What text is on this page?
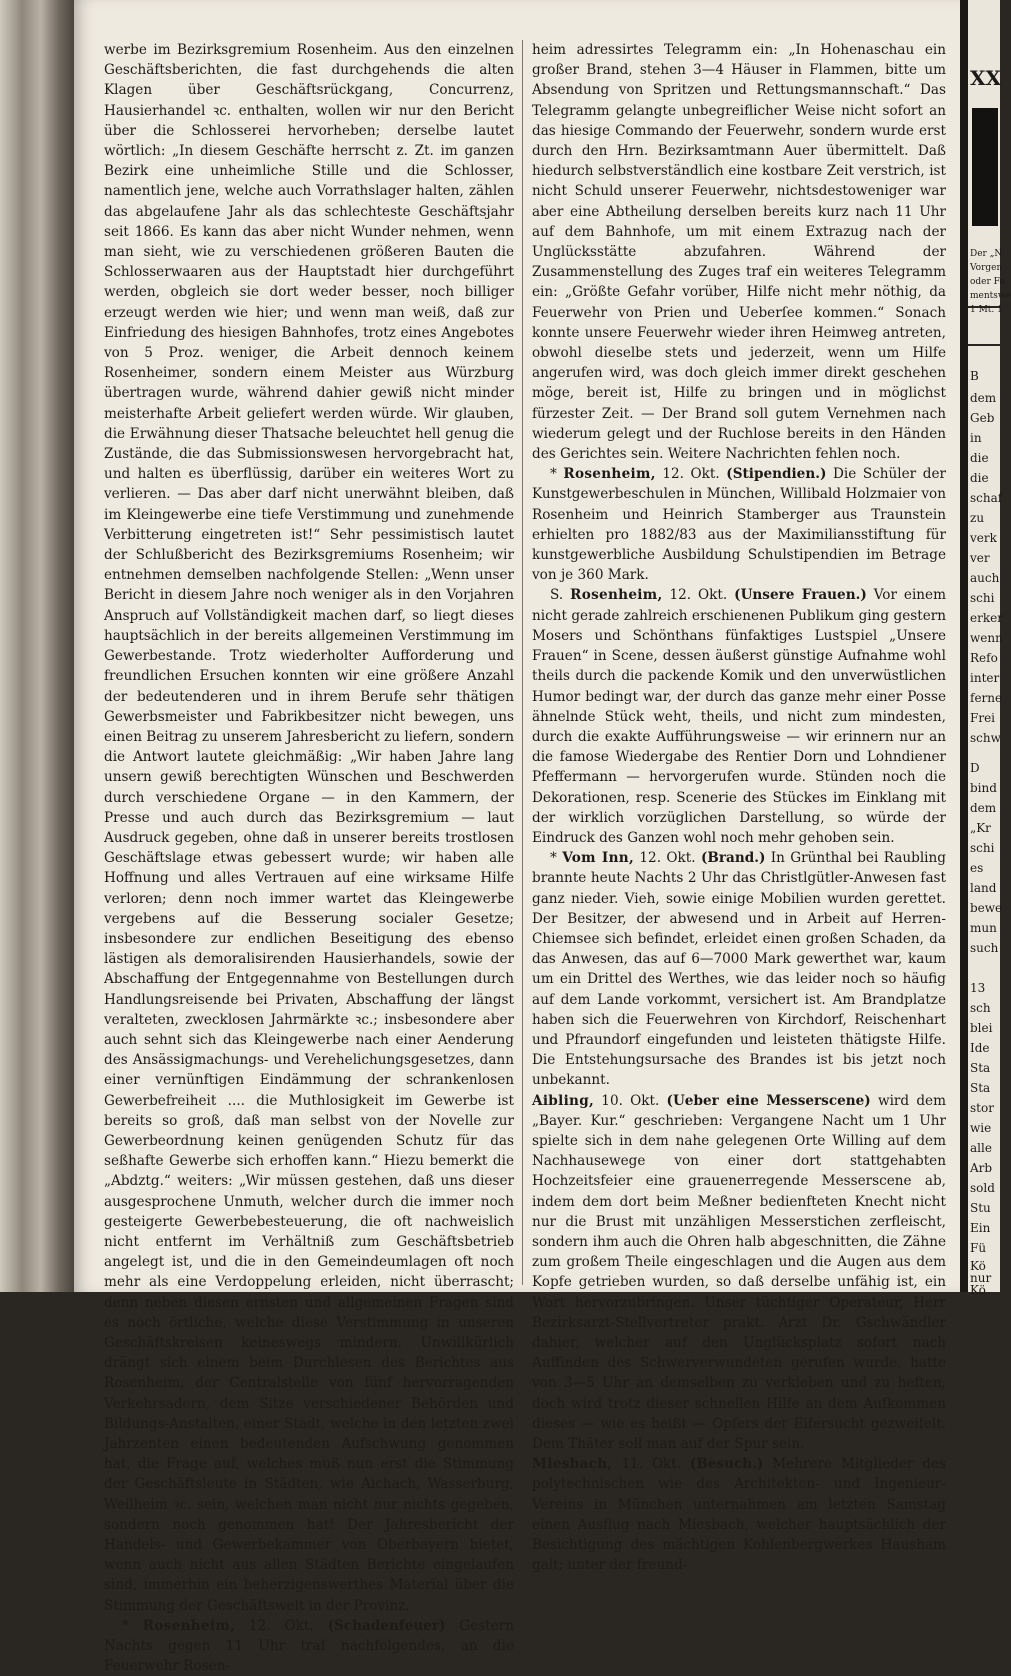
werbe im Bezirksgremium Rosenheim. Aus den einzelnen Geschäftsberichten, die fast durchgehends die alten Klagen über Geschäftsrückgang, Concurrenz, Hausierhandel ꝛc. enthalten, wollen wir nur den Bericht über die Schlosserei hervorheben; derselbe lautet wörtlich: „In diesem Geschäfte herrscht z. Zt. im ganzen Bezirk eine unheimliche Stille und die Schlosser, namentlich jene, welche auch Vorrathslager halten, zählen das abgelaufene Jahr als das schlechteste Geschäftsjahr seit 1866. Es kann das aber nicht Wunder nehmen, wenn man sieht, wie zu verschiedenen größeren Bauten die Schlosserwaaren aus der Hauptstadt hier durchgeführt werden, obgleich sie dort weder besser, noch billiger erzeugt werden wie hier; und wenn man weiß, daß zur Einfriedung des hiesigen Bahnhofes, trotz eines Angebotes von 5 Proz. weniger, die Arbeit dennoch keinem Rosenheimer, sondern einem Meister aus Würzburg übertragen wurde, während dahier gewiß nicht minder meisterhafte Arbeit geliefert werden würde. Wir glauben, die Erwähnung dieser Thatsache beleuchtet hell genug die Zustände, die das Submissionswesen hervorgebracht hat, und halten es überflüssig, darüber ein weiteres Wort zu verlieren. — Das aber darf nicht unerwähnt bleiben, daß im Kleingewerbe eine tiefe Verstimmung und zunehmende Verbitterung eingetreten ist!“ Sehr pessimistisch lautet der Schlußbericht des Bezirksgremiums Rosenheim; wir entnehmen demselben nachfolgende Stellen: „Wenn unser Bericht in diesem Jahre noch weniger als in den Vorjahren Anspruch auf Vollständigkeit machen darf, so liegt dieses hauptsächlich in der bereits allgemeinen Verstimmung im Gewerbestande. Trotz wiederholter Aufforderung und freundlichen Ersuchen konnten wir eine größere Anzahl der bedeutenderen und in ihrem Berufe sehr thätigen Gewerbsmeister und Fabrikbesitzer nicht bewegen, uns einen Beitrag zu unserem Jahresbericht zu liefern, sondern die Antwort lautete gleichmäßig: „Wir haben Jahre lang unsern gewiß berechtigten Wünschen und Beschwerden durch verschiedene Organe — in den Kammern, der Presse und auch durch das Bezirksgremium — laut Ausdruck gegeben, ohne daß in unserer bereits trostlosen Geschäftslage etwas gebessert wurde; wir haben alle Hoffnung und alles Vertrauen auf eine wirksame Hilfe verloren; denn noch immer wartet das Kleingewerbe vergebens auf die Besserung socialer Gesetze; insbesondere zur endlichen Beseitigung des ebenso lästigen als demoralisirenden Hausierhandels, sowie der Abschaffung der Entgegennahme von Bestellungen durch Handlungsreisende bei Privaten, Abschaffung der längst veralteten, zwecklosen Jahrmärkte ꝛc.; insbesondere aber auch sehnt sich das Kleingewerbe nach einer Aenderung des Ansässigmachungs- und Verehelichungsgesetzes, dann einer vernünftigen Eindämmung der schrankenlosen Gewerbefreiheit .... die Muthlosigkeit im Gewerbe ist bereits so groß, daß man selbst von der Novelle zur Gewerbeordnung keinen genügenden Schutz für das seßhafte Gewerbe sich erhoffen kann.“ Hiezu bemerkt die „Abdztg.“ weiters: „Wir müssen gestehen, daß uns dieser ausgesprochene Unmuth, welcher durch die immer noch gesteigerte Gewerbebesteuerung, die oft nachweislich nicht entfernt im Verhältniß zum Geschäftsbetrieb angelegt ist, und die in den Gemeindeumlagen oft noch mehr als eine Verdoppelung erleiden, nicht überrascht; denn neben diesen ernsten und allgemeinen Fragen sind es noch örtliche, welche diese Verstimmung in unseren Geschäftskreisen keineswegs mindern. Unwillkürlich drängt sich einem beim Durchlesen des Berichtes aus Rosenheim, der Centralstelle von fünf hervorragenden Verkehrsadern, dem Sitze verschiedener Behörden und Bildungs-Anstalten, einer Stadt, welche in den letzten zwei Jahrzenten einen bedeutenden Aufschwung genommen hat, die Frage auf, welches muß nun erst die Stimmung der Geschäftsleute in Städten, wie Aichach, Wasserburg, Weilheim ꝛc. sein, welchen man nicht nur nichts gegeben, sondern noch genommen hat! Der Jahresbericht der Handels- und Gewerbekammer von Oberbayern bietet, wenn auch nicht aus allen Städten Berichte eingelaufen sind, immerhin ein beherzigenswerthes Material über die Stimmung der Geschäftswelt in der Provinz.

* Rosenheim, 12. Okt. (Schadenfeuer) Gestern Nachts gegen 11 Uhr traf nachfolgendes, an die Feuerwehr Rosen-

heim adressirtes Telegramm ein: „In Hohenaschau ein großer Brand, stehen 3—4 Häuser in Flammen, bitte um Absendung von Spritzen und Rettungsmannschaft.“ Das Telegramm gelangte unbegreiflicher Weise nicht sofort an das hiesige Commando der Feuerwehr, sondern wurde erst durch den Hrn. Bezirksamtmann Auer übermittelt. Daß hiedurch selbstverständlich eine kostbare Zeit verstrich, ist nicht Schuld unserer Feuerwehr, nichtsdestoweniger war aber eine Abtheilung derselben bereits kurz nach 11 Uhr auf dem Bahnhofe, um mit einem Extrazug nach der Unglücksstätte abzufahren. Während der Zusammenstellung des Zuges traf ein weiteres Telegramm ein: „Größte Gefahr vorüber, Hilfe nicht mehr nöthig, da Feuerwehr von Prien und Ueberſee kommen.“ Sonach konnte unsere Feuerwehr wieder ihren Heimweg antreten, obwohl dieselbe stets und jederzeit, wenn um Hilfe angerufen wird, was doch gleich immer direkt geschehen möge, bereit ist, Hilfe zu bringen und in möglichst fürzester Zeit. — Der Brand soll gutem Vernehmen nach wiederum gelegt und der Ruchlose bereits in den Händen des Gerichtes sein. Weitere Nachrichten fehlen noch.

* Rosenheim, 12. Okt. (Stipendien.) Die Schüler der Kunstgewerbeschulen in München, Willibald Holzmaier von Rosenheim und Heinrich Stamberger aus Traunstein erhielten pro 1882/83 aus der Maximiliansstiftung für kunstgewerbliche Ausbildung Schulstipendien im Betrage von je 360 Mark.

S. Rosenheim, 12. Okt. (Unsere Frauen.) Vor einem nicht gerade zahlreich erschienenen Publikum ging gestern Mosers und Schönthans fünfaktiges Lustspiel „Unsere Frauen“ in Scene, dessen äußerst günstige Aufnahme wohl theils durch die packende Komik und den unverwüstlichen Humor bedingt war, der durch das ganze mehr einer Posse ähnelnde Stück weht, theils, und nicht zum mindesten, durch die exakte Aufführungsweise — wir erinnern nur an die famose Wiedergabe des Rentier Dorn und Lohndiener Pfeffermann — hervorgerufen wurde. Stünden noch die Dekorationen, resp. Scenerie des Stückes im Einklang mit der wirklich vorzüglichen Darstellung, so würde der Eindruck des Ganzen wohl noch mehr gehoben sein.

* Vom Inn, 12. Okt. (Brand.) In Grünthal bei Raubling brannte heute Nachts 2 Uhr das Christlgütler-Anwesen fast ganz nieder. Vieh, sowie einige Mobilien wurden gerettet. Der Besitzer, der abwesend und in Arbeit auf Herren-Chiemsee sich befindet, erleidet einen großen Schaden, da das Anwesen, das auf 6—7000 Mark gewerthet war, kaum um ein Drittel des Werthes, wie das leider noch so häufig auf dem Lande vorkommt, versichert ist. Am Brandplatze haben sich die Feuerwehren von Kirchdorf, Reischenhart und Pfraundorf eingefunden und leisteten thätigste Hilfe. Die Entstehungsursache des Brandes ist bis jetzt noch unbekannt.

Aibling, 10. Okt. (Ueber eine Messerscene) wird dem „Bayer. Kur.“ geschrieben: Vergangene Nacht um 1 Uhr spielte sich in dem nahe gelegenen Orte Willing auf dem Nachhausewege von einer dort stattgehabten Hochzeitsfeier eine grauenerregende Messerscene ab, indem dem dort beim Meßner bedienfteten Knecht nicht nur die Brust mit unzähligen Messerstichen zerfleischt, sondern ihm auch die Ohren halb abgeschnitten, die Zähne zum großem Theile eingeschlagen und die Augen aus dem Kopfe getrieben wurden, so daß derselbe unfähig ist, ein Wort hervorzubringen. Unser tüchtiger Operateur, Herr Bezirksarzt-Stellvertreter prakt. Arzt Dr. Gschwändler dahier, welcher auf den Unglücksplatz sofort nach Auffinden des Schwerverwundeten gerufen wurde, hatte von 3—5 Uhr an demselben zu verkleben und zu heften, doch wird trotz dieser schnellen Hilfe an dem Aufkommen dieses — wie es heißt — Opfers der Eifersucht gezweifelt. Dem Thäter soll man auf der Spur sein.

Miesbach, 11. Okt. (Besuch.) Mehrere Mitglieder des polytechnischen wie des Architekten- und Ingenieur-Vereins in München unternahmen am letzten Samstag einen Ausflug nach Miesbach, welcher hauptsächlich der Besichtigung des mächtigen Kohlenbergwerkes Hausham galt; unter der freund-

XX
Der „N
Vorgen
oder Fe
mentswe
1 Mt. 1
B
dem
Geb
in
die
die
schaf
zu
verk
ver
auch
schi
erker
wenn
Refo
inter
ferne
Frei
schw
D
bind
dem
„Kr
schi
es
land
bewe
mun
such
13
sch
blei
Ide
Sta
Sta
stor
wie
alle
Arb
sold
Stu
Ein
Fü
Kö
nur
Kö
